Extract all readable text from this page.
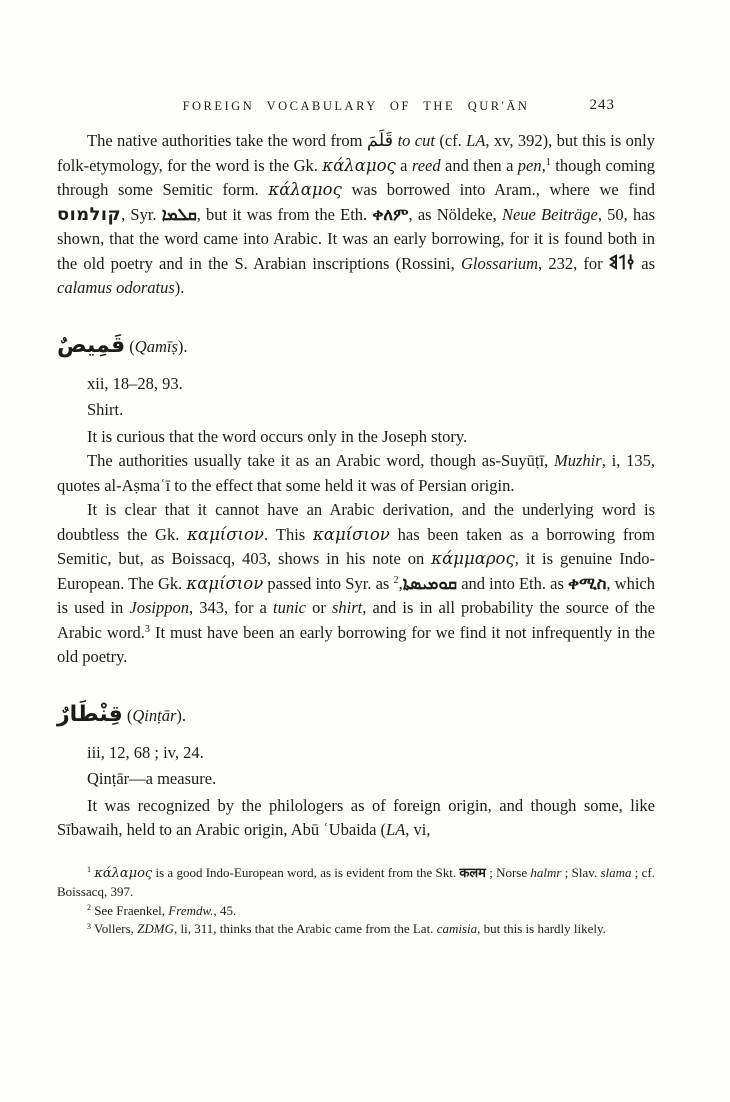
FOREIGN VOCABULARY OF THE QUR'ĀN	243

The native authorities take the word from قَلَمَ to cut (cf. LA, xv, 392), but this is only folk-etymology, for the word is the Gk. κάλαμος a reed and then a pen,$^1$ though coming through some Semitic form. κάλαμος was borrowed into Aram., where we find קולמוס, Syr. ܩܠܡܐ, but it was from the Eth. ቀለም, as Nöldeke, Neue Beiträge, 50, has shown, that the word came into Arabic. It was an early borrowing, for it is found both in the old poetry and in the S. Arabian inscriptions (Rossini, Glossarium, 232, for 𐩤𐩡𐩣 as calamus odoratus).

قَمِيصٌ (Qamīṣ).

xii, 18–28, 93.

Shirt.

It is curious that the word occurs only in the Joseph story.

The authorities usually take it as an Arabic word, though as-Suyūṭī, Muzhir, i, 135, quotes al-Aṣmaʿī to the effect that some held it was of Persian origin.

It is clear that it cannot have an Arabic derivation, and the underlying word is doubtless the Gk. καμίσιον. This καμίσιον has been taken as a borrowing from Semitic, but, as Boissacq, 403, shows in his note on κάμμαρος, it is genuine Indo-European. The Gk. καμίσιον passed into Syr. as ܩܘܡܝܣܬܐ,$^2$	and into Eth. as ቀሚስ, which is used in Josippon, 343, for a tunic or shirt, and is in all probability the source of the Arabic word.$^3$ It must have been an early borrowing for we find it not infrequently in the old poetry.

قِنْطَارٌ (Qinṭār).

iii, 12, 68 ; iv, 24.

Qinṭār—a measure.

It was recognized by the philologers as of foreign origin, and though some, like Sībawaih, held to an Arabic origin, Abū ʿUbaida (LA, vi,

$^1$ κάλαμος is a good Indo-European word, as is evident from the Skt. कलम ; Norse halmr ; Slav. slama ; cf. Boissacq, 397.

$^2$ See Fraenkel, Fremdw., 45.

$^3$ Vollers, ZDMG, li, 311, thinks that the Arabic came from the Lat. camisia, but this is hardly likely.
